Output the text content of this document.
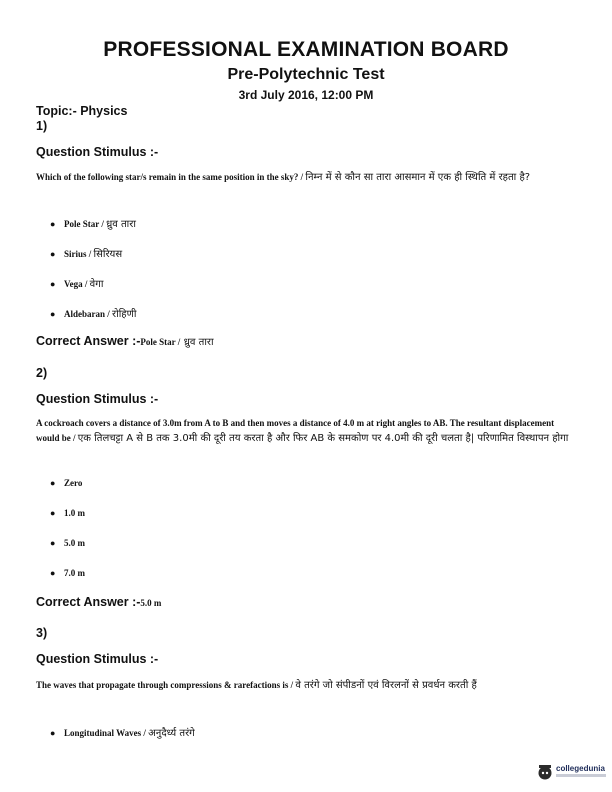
PROFESSIONAL EXAMINATION BOARD
Pre-Polytechnic Test
3rd July 2016, 12:00 PM
Topic:- Physics
1)
Question Stimulus :-
Which of the following star/s remain in the same position in the sky? / निम्न में से कौन सा तारा आसमान में एक ही स्थिति में रहता है?
● Pole Star / ध्रुव तारा
● Sirius / सिरियस
● Vega / वेगा
● Aldebaran / रोहिणी
Correct Answer :-Pole Star / ध्रुव तारा
2)
Question Stimulus :-
A cockroach covers a distance of 3.0m from A to B and then moves a distance of 4.0 m at right angles to AB. The resultant displacement would be / एक तिलचट्टा A से B तक 3.0मी की दूरी तय करता है और फिर AB के समकोण पर 4.0मी की दूरी चलता है| परिणामित विस्थापन होगा
● Zero
● 1.0 m
● 5.0 m
● 7.0 m
Correct Answer :-5.0 m
3)
Question Stimulus :-
The waves that propagate through compressions & rarefactions is / वे तरंगे जो संपीडनों एवं विरलनों से प्रवर्धन करती हैं
● Longitudinal Waves / अनुदैर्ध्य तरंगे
collegedunia
